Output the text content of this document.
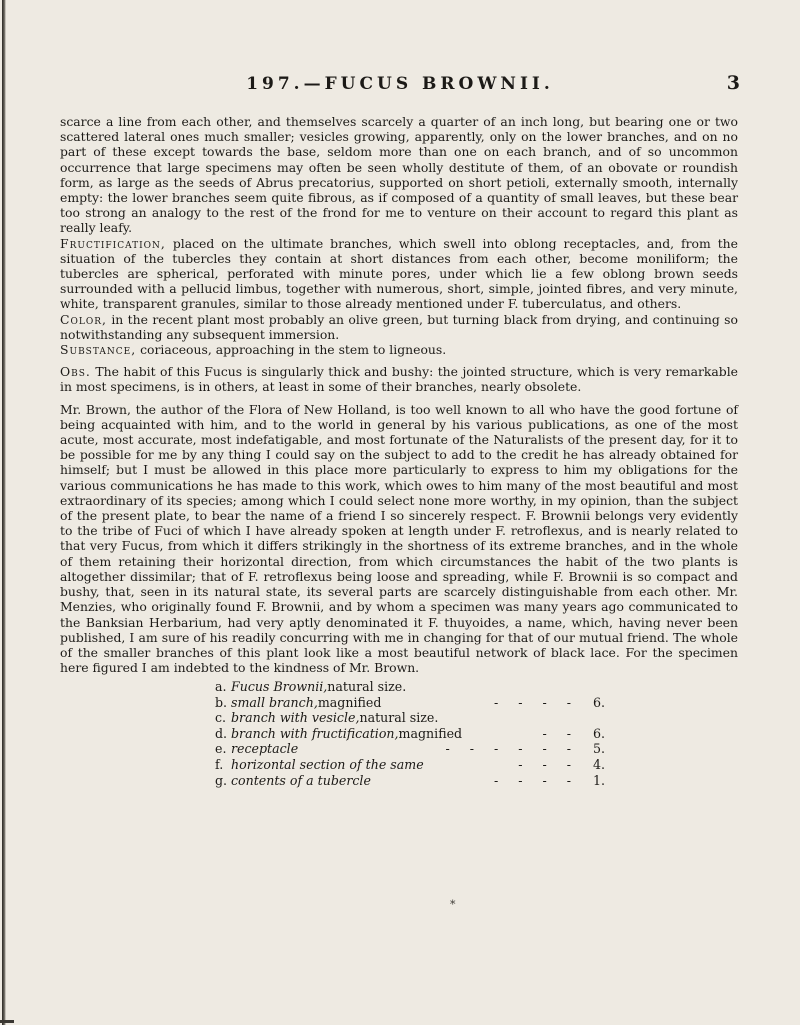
197.—FUCUS BROWNII.	3

scarce a line from each other, and themselves scarcely a quarter of an inch long, but bearing one or two scattered lateral ones much smaller; vesicles growing, apparently, only on the lower branches, and on no part of these except towards the base, seldom more than one on each branch, and of so uncommon occurrence that large specimens may often be seen wholly destitute of them, of an obovate or roundish form, as large as the seeds of Abrus precatorius, supported on short petioli, externally smooth, internally empty: the lower branches seem quite fibrous, as if composed of a quantity of small leaves, but these bear too strong an analogy to the rest of the frond for me to venture on their account to regard this plant as really leafy.

Fructification, placed on the ultimate branches, which swell into oblong receptacles, and, from the situation of the tubercles they contain at short distances from each other, become moniliform; the tubercles are spherical, perforated with minute pores, under which lie a few oblong brown seeds surrounded with a pellucid limbus, together with numerous, short, simple, jointed fibres, and very minute, white, transparent granules, similar to those already mentioned under F. tuberculatus, and others.

Color, in the recent plant most probably an olive green, but turning black from drying, and continuing so notwithstanding any subsequent immersion.

Substance, coriaceous, approaching in the stem to ligneous.

Obs. The habit of this Fucus is singularly thick and bushy: the jointed structure, which is very remarkable in most specimens, is in others, at least in some of their branches, nearly obsolete.

Mr. Brown, the author of the Flora of New Holland, is too well known to all who have the good fortune of being acquainted with him, and to the world in general by his various publications, as one of the most acute, most accurate, most indefatigable, and most fortunate of the Naturalists of the present day, for it to be possible for me by any thing I could say on the subject to add to the credit he has already obtained for himself; but I must be allowed in this place more particularly to express to him my obligations for the various communications he has made to this work, which owes to him many of the most beautiful and most extraordinary of its species; among which I could select none more worthy, in my opinion, than the subject of the present plate, to bear the name of a friend I so sincerely respect. F. Brownii belongs very evidently to the tribe of Fuci of which I have already spoken at length under F. retroflexus, and is nearly related to that very Fucus, from which it differs strikingly in the shortness of its extreme branches, and in the whole of them retaining their horizontal direction, from which circumstances the habit of the two plants is altogether dissimilar; that of F. retroflexus being loose and spreading, while F. Brownii is so compact and bushy, that, seen in its natural state, its several parts are scarcely distinguishable from each other. Mr. Menzies, who originally found F. Brownii, and by whom a specimen was many years ago communicated to the Banksian Herbarium, had very aptly denominated it F. thuyoides, a name, which, having never been published, I am sure of his readily concurring with me in changing for that of our mutual friend. The whole of the smaller branches of this plant look like a most beautiful network of black lace. For the specimen here figured I am indebted to the kindness of Mr. Brown.

a. Fucus Brownii, natural size.
b. small branch, magnified	- - - -	6.
c. branch with vesicle, natural size.
d. branch with fructification, magnified	- -	6.
e. receptacle	- - - - - -	5.
f. horizontal section of the same	- - -	4.
g. contents of a tubercle	- - - -	1.
*
